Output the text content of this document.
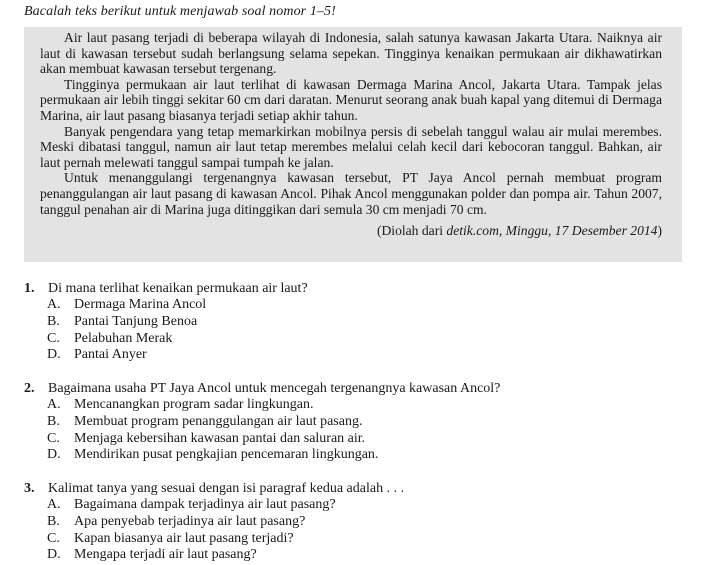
Bacalah teks berikut untuk menjawab soal nomor 1–5!

Air laut pasang terjadi di beberapa wilayah di Indonesia, salah satunya kawasan Jakarta Utara. Naiknya air laut di kawasan tersebut sudah berlangsung selama sepekan. Tingginya kenaikan permukaan air dikhawatirkan akan membuat kawasan tersebut tergenang.

Tingginya permukaan air laut terlihat di kawasan Dermaga Marina Ancol, Jakarta Utara. Tampak jelas permukaan air lebih tinggi sekitar 60 cm dari daratan. Menurut seorang anak buah kapal yang ditemui di Dermaga Marina, air laut pasang biasanya terjadi setiap akhir tahun.

Banyak pengendara yang tetap memarkirkan mobilnya persis di sebelah tanggul walau air mulai merembes. Meski dibatasi tanggul, namun air laut tetap merembes melalui celah kecil dari kebocoran tanggul. Bahkan, air laut pernah melewati tanggul sampai tumpah ke jalan.

Untuk menanggulangi tergenangnya kawasan tersebut, PT Jaya Ancol pernah membuat program penanggulangan air laut pasang di kawasan Ancol. Pihak Ancol menggunakan polder dan pompa air. Tahun 2007, tanggul penahan air di Marina juga ditinggikan dari semula 30 cm menjadi 70 cm.

(Diolah dari detik.com, Minggu, 17 Desember 2014)

1. Di mana terlihat kenaikan permukaan air laut?
A. Dermaga Marina Ancol
B.	Pantai Tanjung Benoa
C.	Pelabuhan Merak
D. Pantai Anyer
2. Bagaimana usaha PT Jaya Ancol untuk mencegah tergenangnya kawasan Ancol?
A. Mencanangkan program sadar lingkungan.
B.	Membuat program penanggulangan air laut pasang.
C.	Menjaga kebersihan kawasan pantai dan saluran air.
D. Mendirikan pusat pengkajian pencemaran lingkungan.
3. Kalimat tanya yang sesuai dengan isi paragraf kedua adalah . . .
A. Bagaimana dampak terjadinya air laut pasang?
B.	Apa penyebab terjadinya air laut pasang?
C.	Kapan biasanya air laut pasang terjadi?
D. Mengapa terjadi air laut pasang?
